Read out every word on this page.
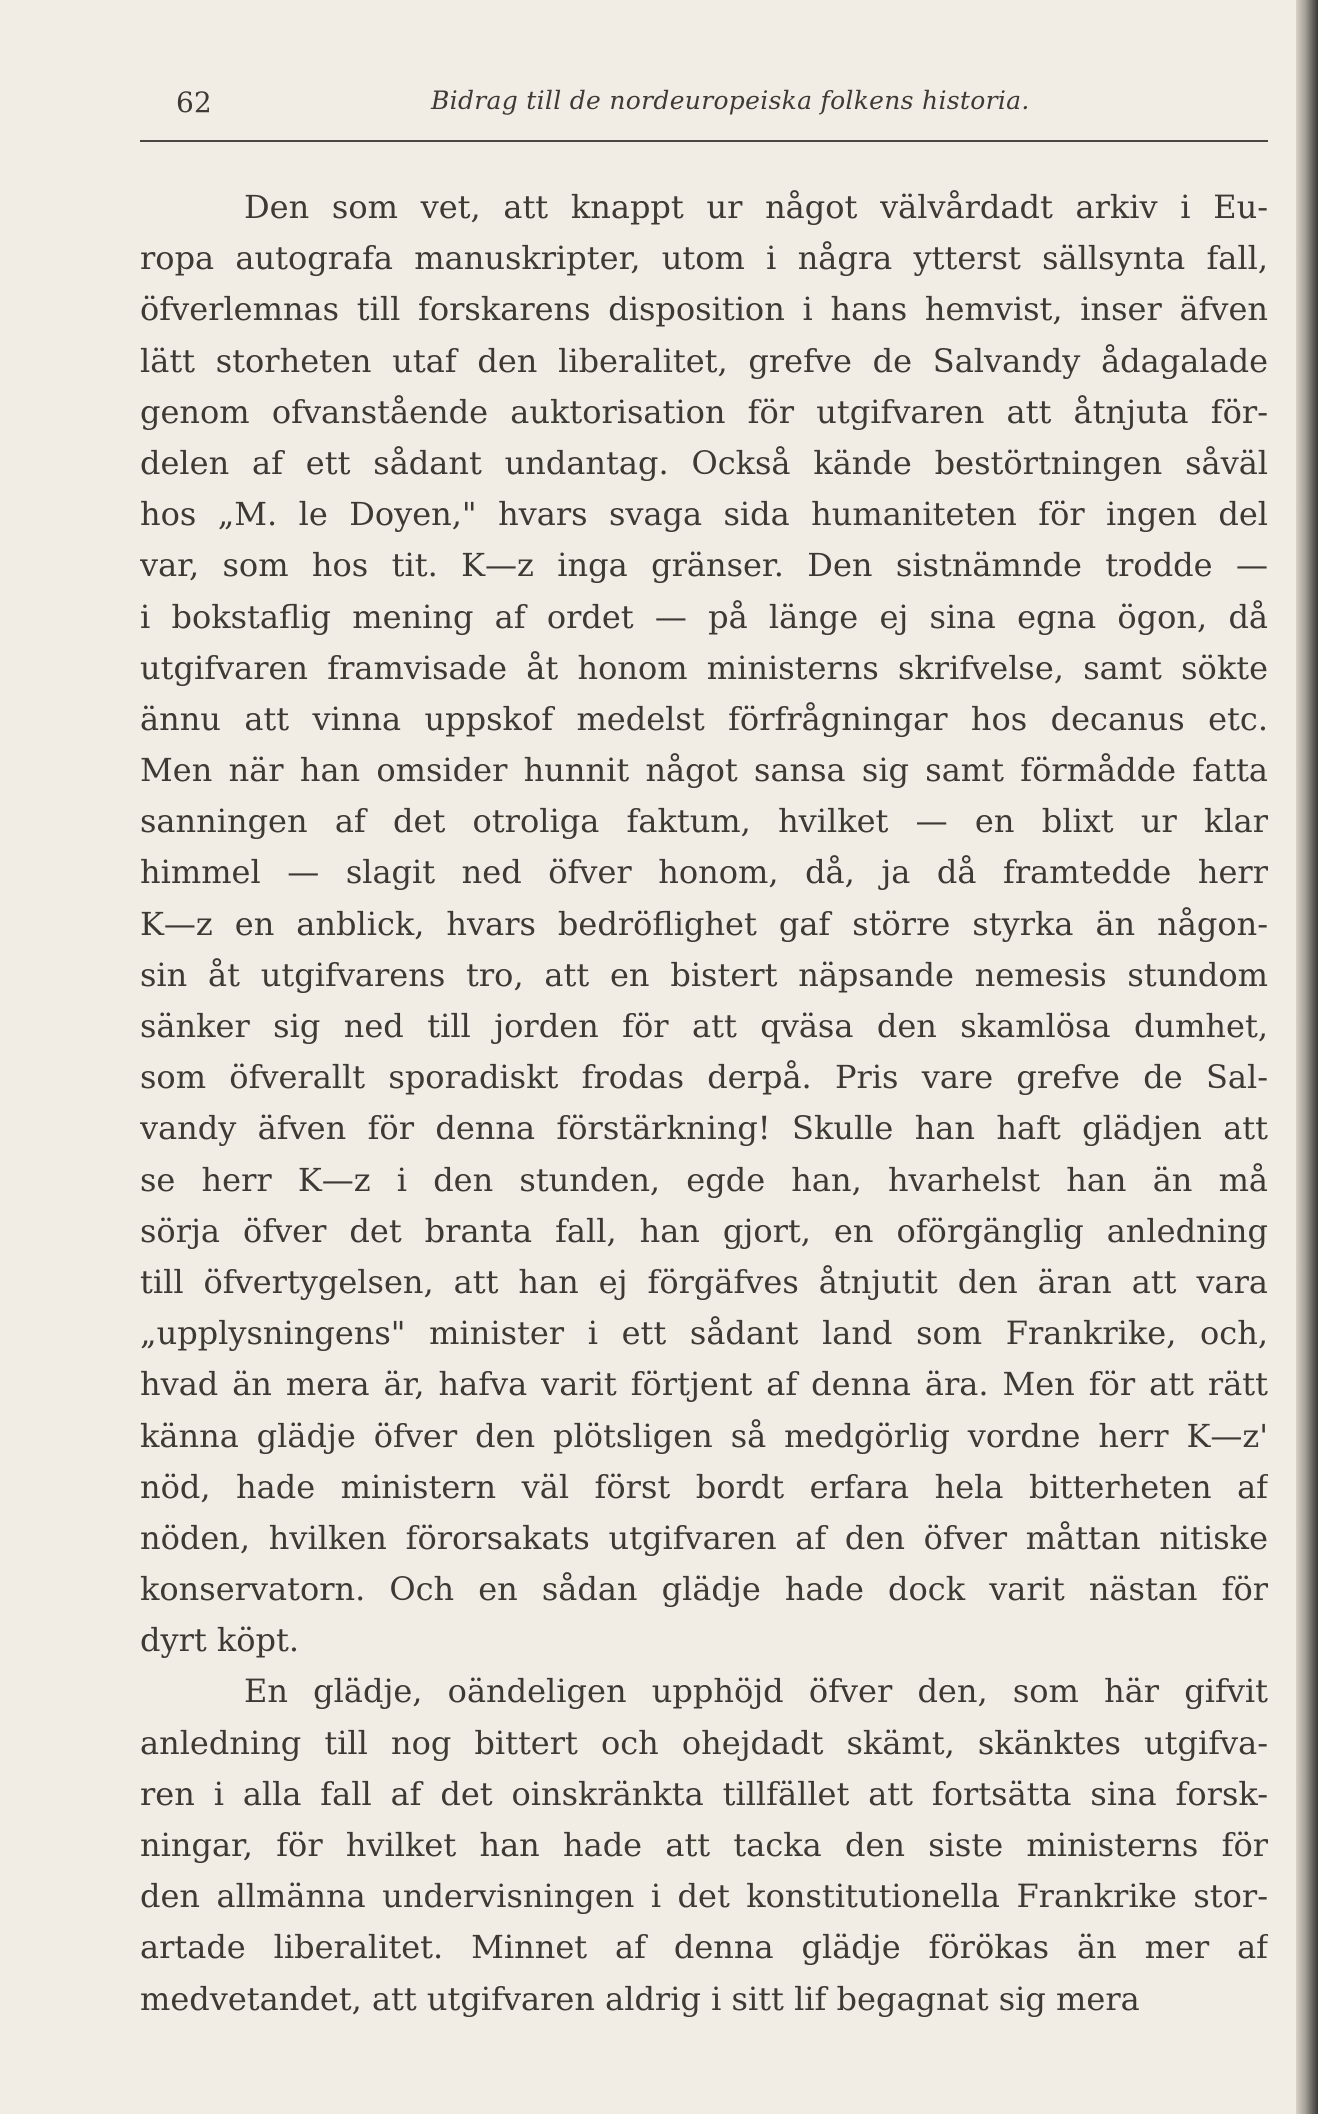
62	Bidrag till de nordeuropeiska folkens historia.
Den som vet, att knappt ur något välvårdadt arkiv i Eu-
ropa autografa manuskripter, utom i några ytterst sällsynta fall,
öfverlemnas till forskarens disposition i hans hemvist, inser äfven
lätt storheten utaf den liberalitet, grefve de Salvandy ådagalade
genom ofvanstående auktorisation för utgifvaren att åtnjuta för-
delen af ett sådant undantag. Också kände bestörtningen såväl
hos „M. le Doyen," hvars svaga sida humaniteten för ingen del
var, som hos tit. K—z inga gränser. Den sistnämnde trodde —
i bokstaflig mening af ordet — på länge ej sina egna ögon, då
utgifvaren framvisade åt honom ministerns skrifvelse, samt sökte
ännu att vinna uppskof medelst förfrågningar hos decanus etc.
Men när han omsider hunnit något sansa sig samt förmådde fatta
sanningen af det otroliga faktum, hvilket — en blixt ur klar
himmel — slagit ned öfver honom, då, ja då framtedde herr
K—z en anblick, hvars bedröflighet gaf större styrka än någon-
sin åt utgifvarens tro, att en bistert näpsande nemesis stundom
sänker sig ned till jorden för att qväsa den skamlösa dumhet,
som öfverallt sporadiskt frodas derpå. Pris vare grefve de Sal-
vandy äfven för denna förstärkning! Skulle han haft glädjen att
se herr K—z i den stunden, egde han, hvarhelst han än må
sörja öfver det branta fall, han gjort, en oförgänglig anledning
till öfvertygelsen, att han ej förgäfves åtnjutit den äran att vara
„upplysningens" minister i ett sådant land som Frankrike, och,
hvad än mera är, hafva varit förtjent af denna ära. Men för att rätt
känna glädje öfver den plötsligen så medgörlig vordne herr K—z'
nöd, hade ministern väl först bordt erfara hela bitterheten af
nöden, hvilken förorsakats utgifvaren af den öfver måttan nitiske
konservatorn. Och en sådan glädje hade dock varit nästan för
dyrt köpt.
En glädje, oändeligen upphöjd öfver den, som här gifvit
anledning till nog bittert och ohejdadt skämt, skänktes utgifva-
ren i alla fall af det oinskränkta tillfället att fortsätta sina forsk-
ningar, för hvilket han hade att tacka den siste ministerns för
den allmänna undervisningen i det konstitutionella Frankrike stor-
artade liberalitet. Minnet af denna glädje förökas än mer af
medvetandet, att utgifvaren aldrig i sitt lif begagnat sig mera
